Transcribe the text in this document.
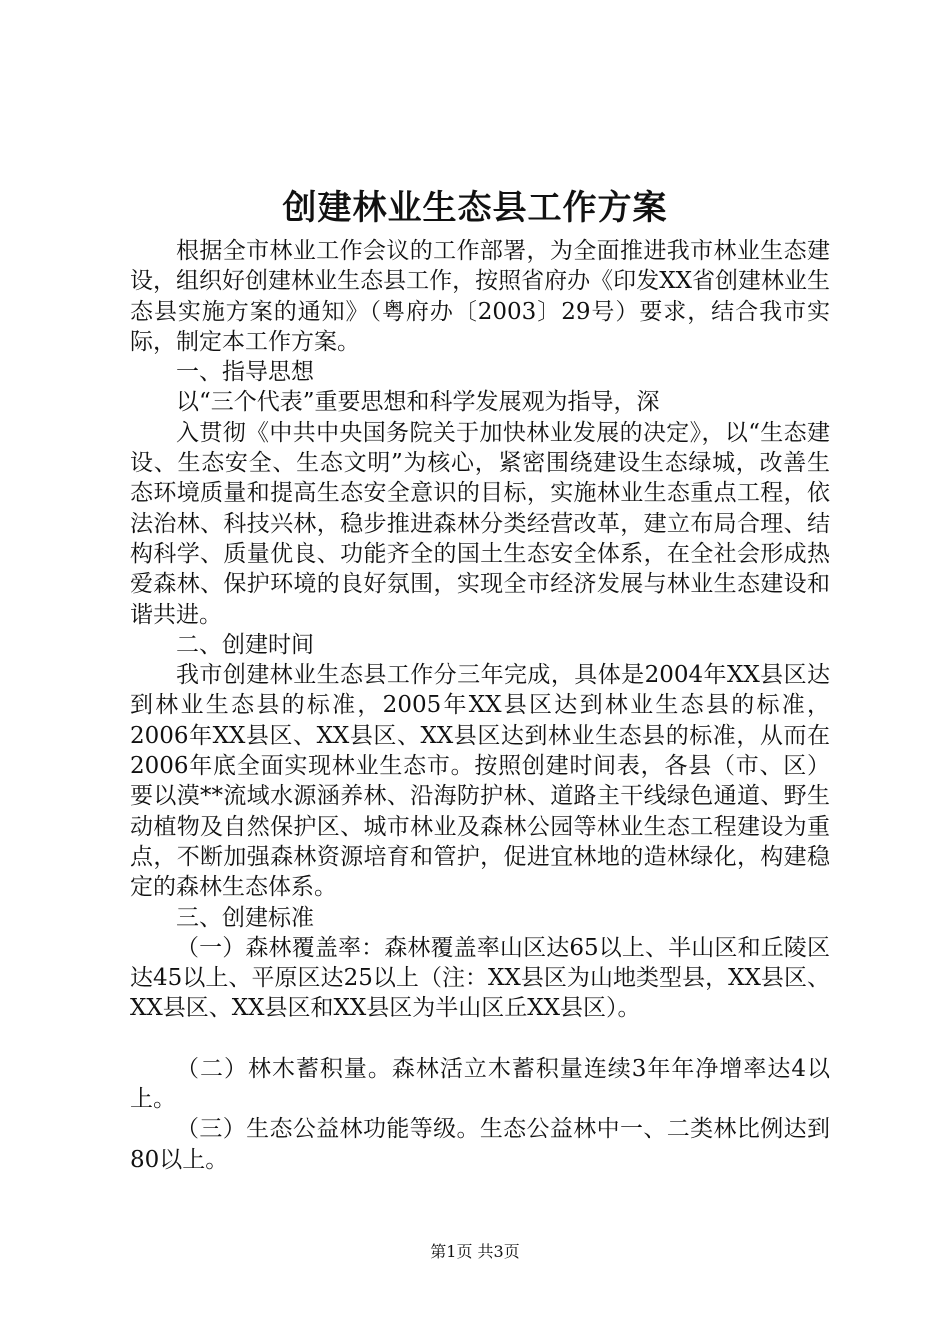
创建林业生态县工作方案

根据全市林业工作会议的工作部署，为全面推进我市林业生态建设，组织好创建林业生态县工作，按照省府办《印发XX省创建林业生态县实施方案的通知》（粤府办〔2003〕29号）要求，结合我市实际，制定本工作方案。

一、指导思想

以“三个代表”重要思想和科学发展观为指导，深

入贯彻《中共中央国务院关于加快林业发展的决定》，以“生态建设、生态安全、生态文明”为核心，紧密围绕建设生态绿城，改善生态环境质量和提高生态安全意识的目标，实施林业生态重点工程，依法治林、科技兴林，稳步推进森林分类经营改革，建立布局合理、结构科学、质量优良、功能齐全的国土生态安全体系，在全社会形成热爱森林、保护环境的良好氛围，实现全市经济发展与林业生态建设和谐共进。

二、创建时间

我市创建林业生态县工作分三年完成，具体是2004年XX县区达到林业生态县的标准，2005年XX县区达到林业生态县的标准，2006年XX县区、XX县区、XX县区达到林业生态县的标准，从而在2006年底全面实现林业生态市。按照创建时间表，各县（市、区）要以漠**流域水源涵养林、沿海防护林、道路主干线绿色通道、野生动植物及自然保护区、城市林业及森林公园等林业生态工程建设为重点，不断加强森林资源培育和管护，促进宜林地的造林绿化，构建稳定的森林生态体系。

三、创建标准

（一）森林覆盖率：森林覆盖率山区达65以上、半山区和丘陵区达45以上、平原区达25以上（注：XX县区为山地类型县，XX县区、XX县区、XX县区和XX县区为半山区丘XX县区）。

（二）林木蓄积量。森林活立木蓄积量连续3年年净增率达4以上。

（三）生态公益林功能等级。生态公益林中一、二类林比例达到80以上。

第1页 共3页
